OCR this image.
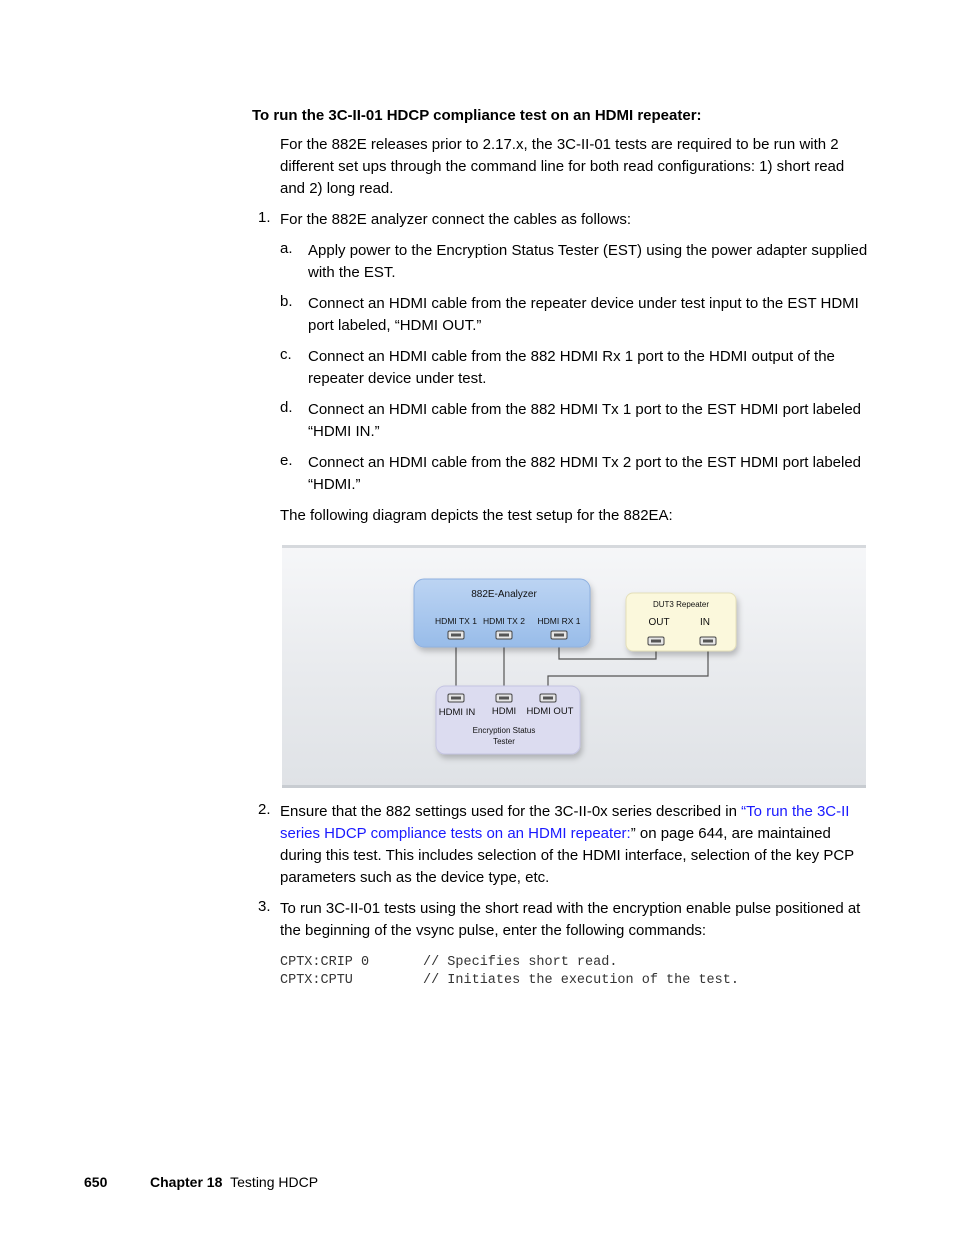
To run the 3C-II-01 HDCP compliance test on an HDMI repeater:
For the 882E releases prior to 2.17.x, the 3C-II-01 tests are required to be run with 2 different set ups through the command line for both read configurations: 1) short read and 2) long read.
1. For the 882E analyzer connect the cables as follows:
a. Apply power to the Encryption Status Tester (EST) using the power adapter supplied with the EST.
b. Connect an HDMI cable from the repeater device under test input to the EST HDMI port labeled, “HDMI OUT.”
c. Connect an HDMI cable from the 882 HDMI Rx 1 port to the HDMI output of the repeater device under test.
d. Connect an HDMI cable from the 882 HDMI Tx 1 port to the EST HDMI port labeled “HDMI IN.”
e. Connect an HDMI cable from the 882 HDMI Tx 2 port to the EST HDMI port labeled “HDMI.”
The following diagram depicts the test setup for the 882EA:
882E-Analyzer
HDMI TX 1 HDMI TX 2 HDMI RX 1
DUT3 Repeater
OUT	IN
HDMI IN HDMI HDMI OUT
Encryption Status
Tester
2. Ensure that the 882 settings used for the 3C-II-0x series described in “To run the 3C-II series HDCP compliance tests on an HDMI repeater:” on page 644, are maintained during this test. This includes selection of the HDMI interface, selection of the key PCP parameters such as the device type, etc.
3. To run 3C-II-01 tests using the short read with the encryption enable pulse positioned at the beginning of the vsync pulse, enter the following commands:
CPTX:CRIP 0	// Specifies short read.
CPTX:CPTU	// Initiates the execution of the test.
650	Chapter 18 Testing HDCP
